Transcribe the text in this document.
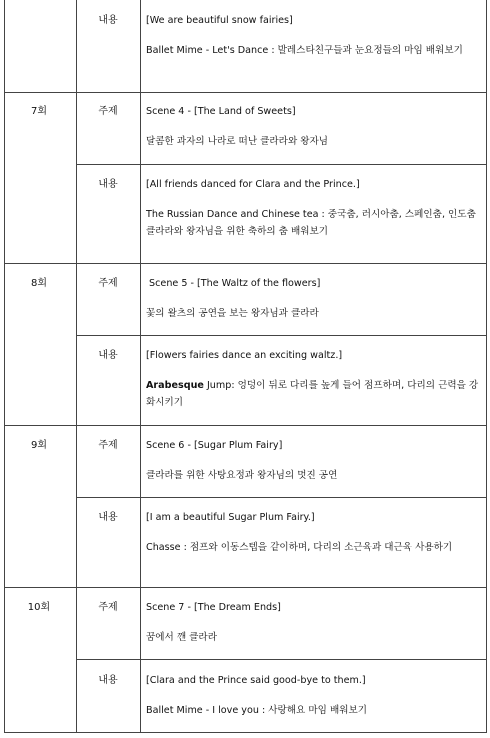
내용	[We are beautiful snow fairies]

Ballet Mime - Let's Dance : 발레스타친구들과 눈요정들의 마임 배워보기

7회	주제	Scene 4 - [The Land of Sweets]

달콤한 과자의 나라로 떠난 클라라와 왕자님

내용	[All friends danced for Clara and the Prince.]

The Russian Dance and Chinese tea : 중국춤, 러시아춤, 스페인춤, 인도춤 클라라와 왕자님을 위한 축하의 춤 배워보기

8회	주제	Scene 5 - [The Waltz of the flowers]

꽃의 왈츠의 공연을 보는 왕자님과 클라라

내용	[Flowers fairies dance an exciting waltz.]

Arabesque Jump: 엉덩이 뒤로 다리를 높게 들어 점프하며, 다리의 근력을 강화시키기

9회	주제	Scene 6 - [Sugar Plum Fairy]

클라라를 위한 사탕요정과 왕자님의 멋진 공연

내용	[I am a beautiful Sugar Plum Fairy.]

Chasse : 점프와 이동스텝을 같이하며, 다리의 소근육과 대근육 사용하기

10회	주제	Scene 7 - [The Dream Ends]

꿈에서 깬 클라라

내용	[Clara and the Prince said good-bye to them.]

Ballet Mime - I love you : 사랑해요 마임 배워보기
